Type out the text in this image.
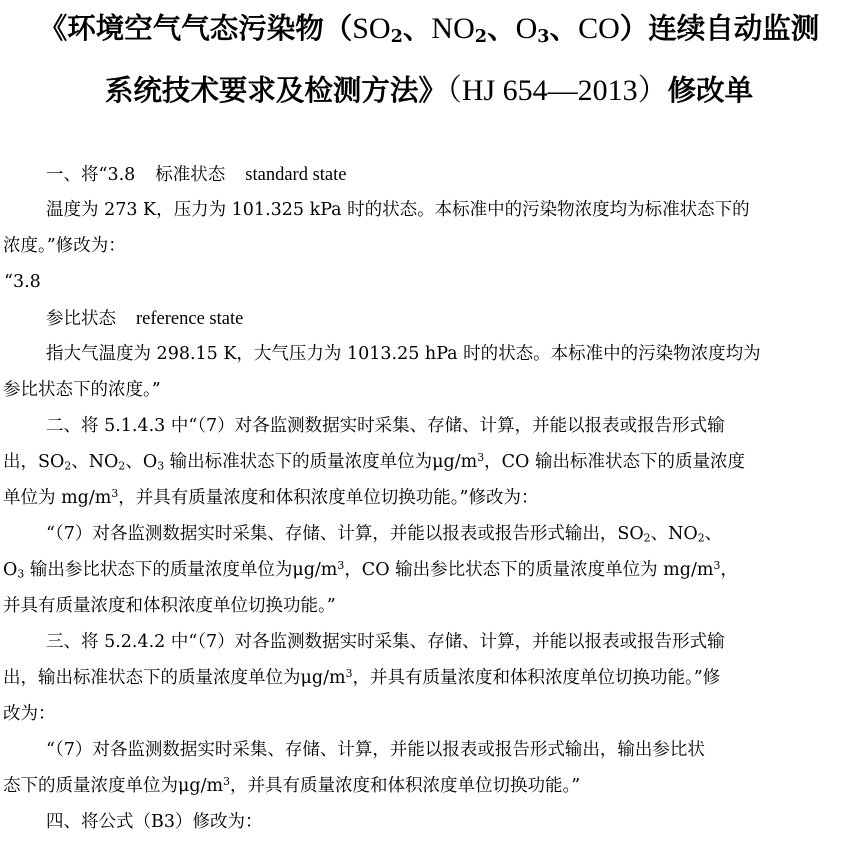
《环境空气气态污染物（$SO_2$、$NO_2$、$O_3$、CO）连续自动监测
系统技术要求及检测方法》（HJ 654—2013）修改单
一、将“3.8 标准状态 standard state
温度为 273 K，压力为 101.325 kPa 时的状态。本标准中的污染物浓度均为标准状态下的
浓度。”修改为：
“3.8
参比状态 reference state
指大气温度为 298.15 K，大气压力为 1013.25 hPa 时的状态。本标准中的污染物浓度均为
参比状态下的浓度。”
二、将 5.1.4.3 中“（7）对各监测数据实时采集、存储、计算，并能以报表或报告形式输
出，$SO_2$、$NO_2$、$O_3$ 输出标准状态下的质量浓度单位为$\mu g/m^3$，CO 输出标准状态下的质量浓度
单位为 $mg/m^3$，并具有质量浓度和体积浓度单位切换功能。”修改为：
“（7）对各监测数据实时采集、存储、计算，并能以报表或报告形式输出，$SO_2$、$NO_2$、
$O_3$ 输出参比状态下的质量浓度单位为$\mu g/m^3$，CO 输出参比状态下的质量浓度单位为 $mg/m^3$，
并具有质量浓度和体积浓度单位切换功能。”
三、将 5.2.4.2 中“（7）对各监测数据实时采集、存储、计算，并能以报表或报告形式输
出，输出标准状态下的质量浓度单位为$\mu g/m^3$，并具有质量浓度和体积浓度单位切换功能。”修
改为：
“（7）对各监测数据实时采集、存储、计算，并能以报表或报告形式输出，输出参比状
态下的质量浓度单位为$\mu g/m^3$，并具有质量浓度和体积浓度单位切换功能。”
四、将公式（B3）修改为：
